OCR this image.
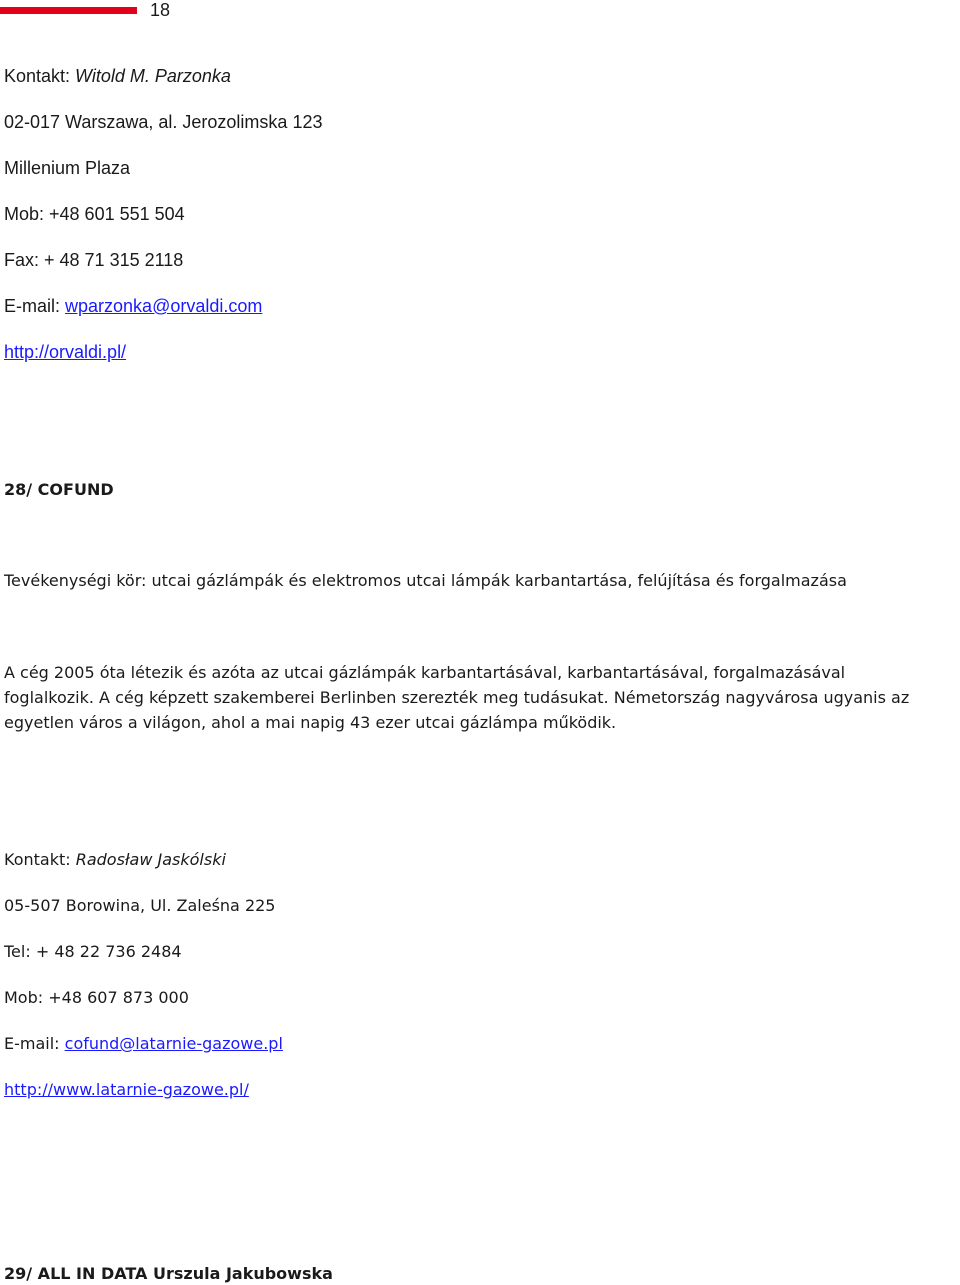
18
Kontakt: Witold M. Parzonka
02-017 Warszawa, al. Jerozolimska 123
Millenium Plaza
Mob: +48 601 551 504
Fax: + 48 71 315 2118
E-mail: wparzonka@orvaldi.com
http://orvaldi.pl/
28/ COFUND
Tevékenységi kör: utcai gázlámpák és elektromos utcai lámpák karbantartása, felújítása és forgalmazása
A cég 2005 óta létezik és azóta az utcai gázlámpák karbantartásával, karbantartásával, forgalmazásával
foglalkozik. A cég képzett szakemberei Berlinben szerezték meg tudásukat. Németország nagyvárosa ugyanis az
egyetlen város a világon, ahol a mai napig 43 ezer utcai gázlámpa működik.
Kontakt: Radosław Jaskólski
05-507 Borowina, Ul. Zaleśna 225
Tel: + 48 22 736 2484
Mob: +48 607 873 000
E-mail: cofund@latarnie-gazowe.pl
http://www.latarnie-gazowe.pl/
29/ ALL IN DATA Urszula Jakubowska
